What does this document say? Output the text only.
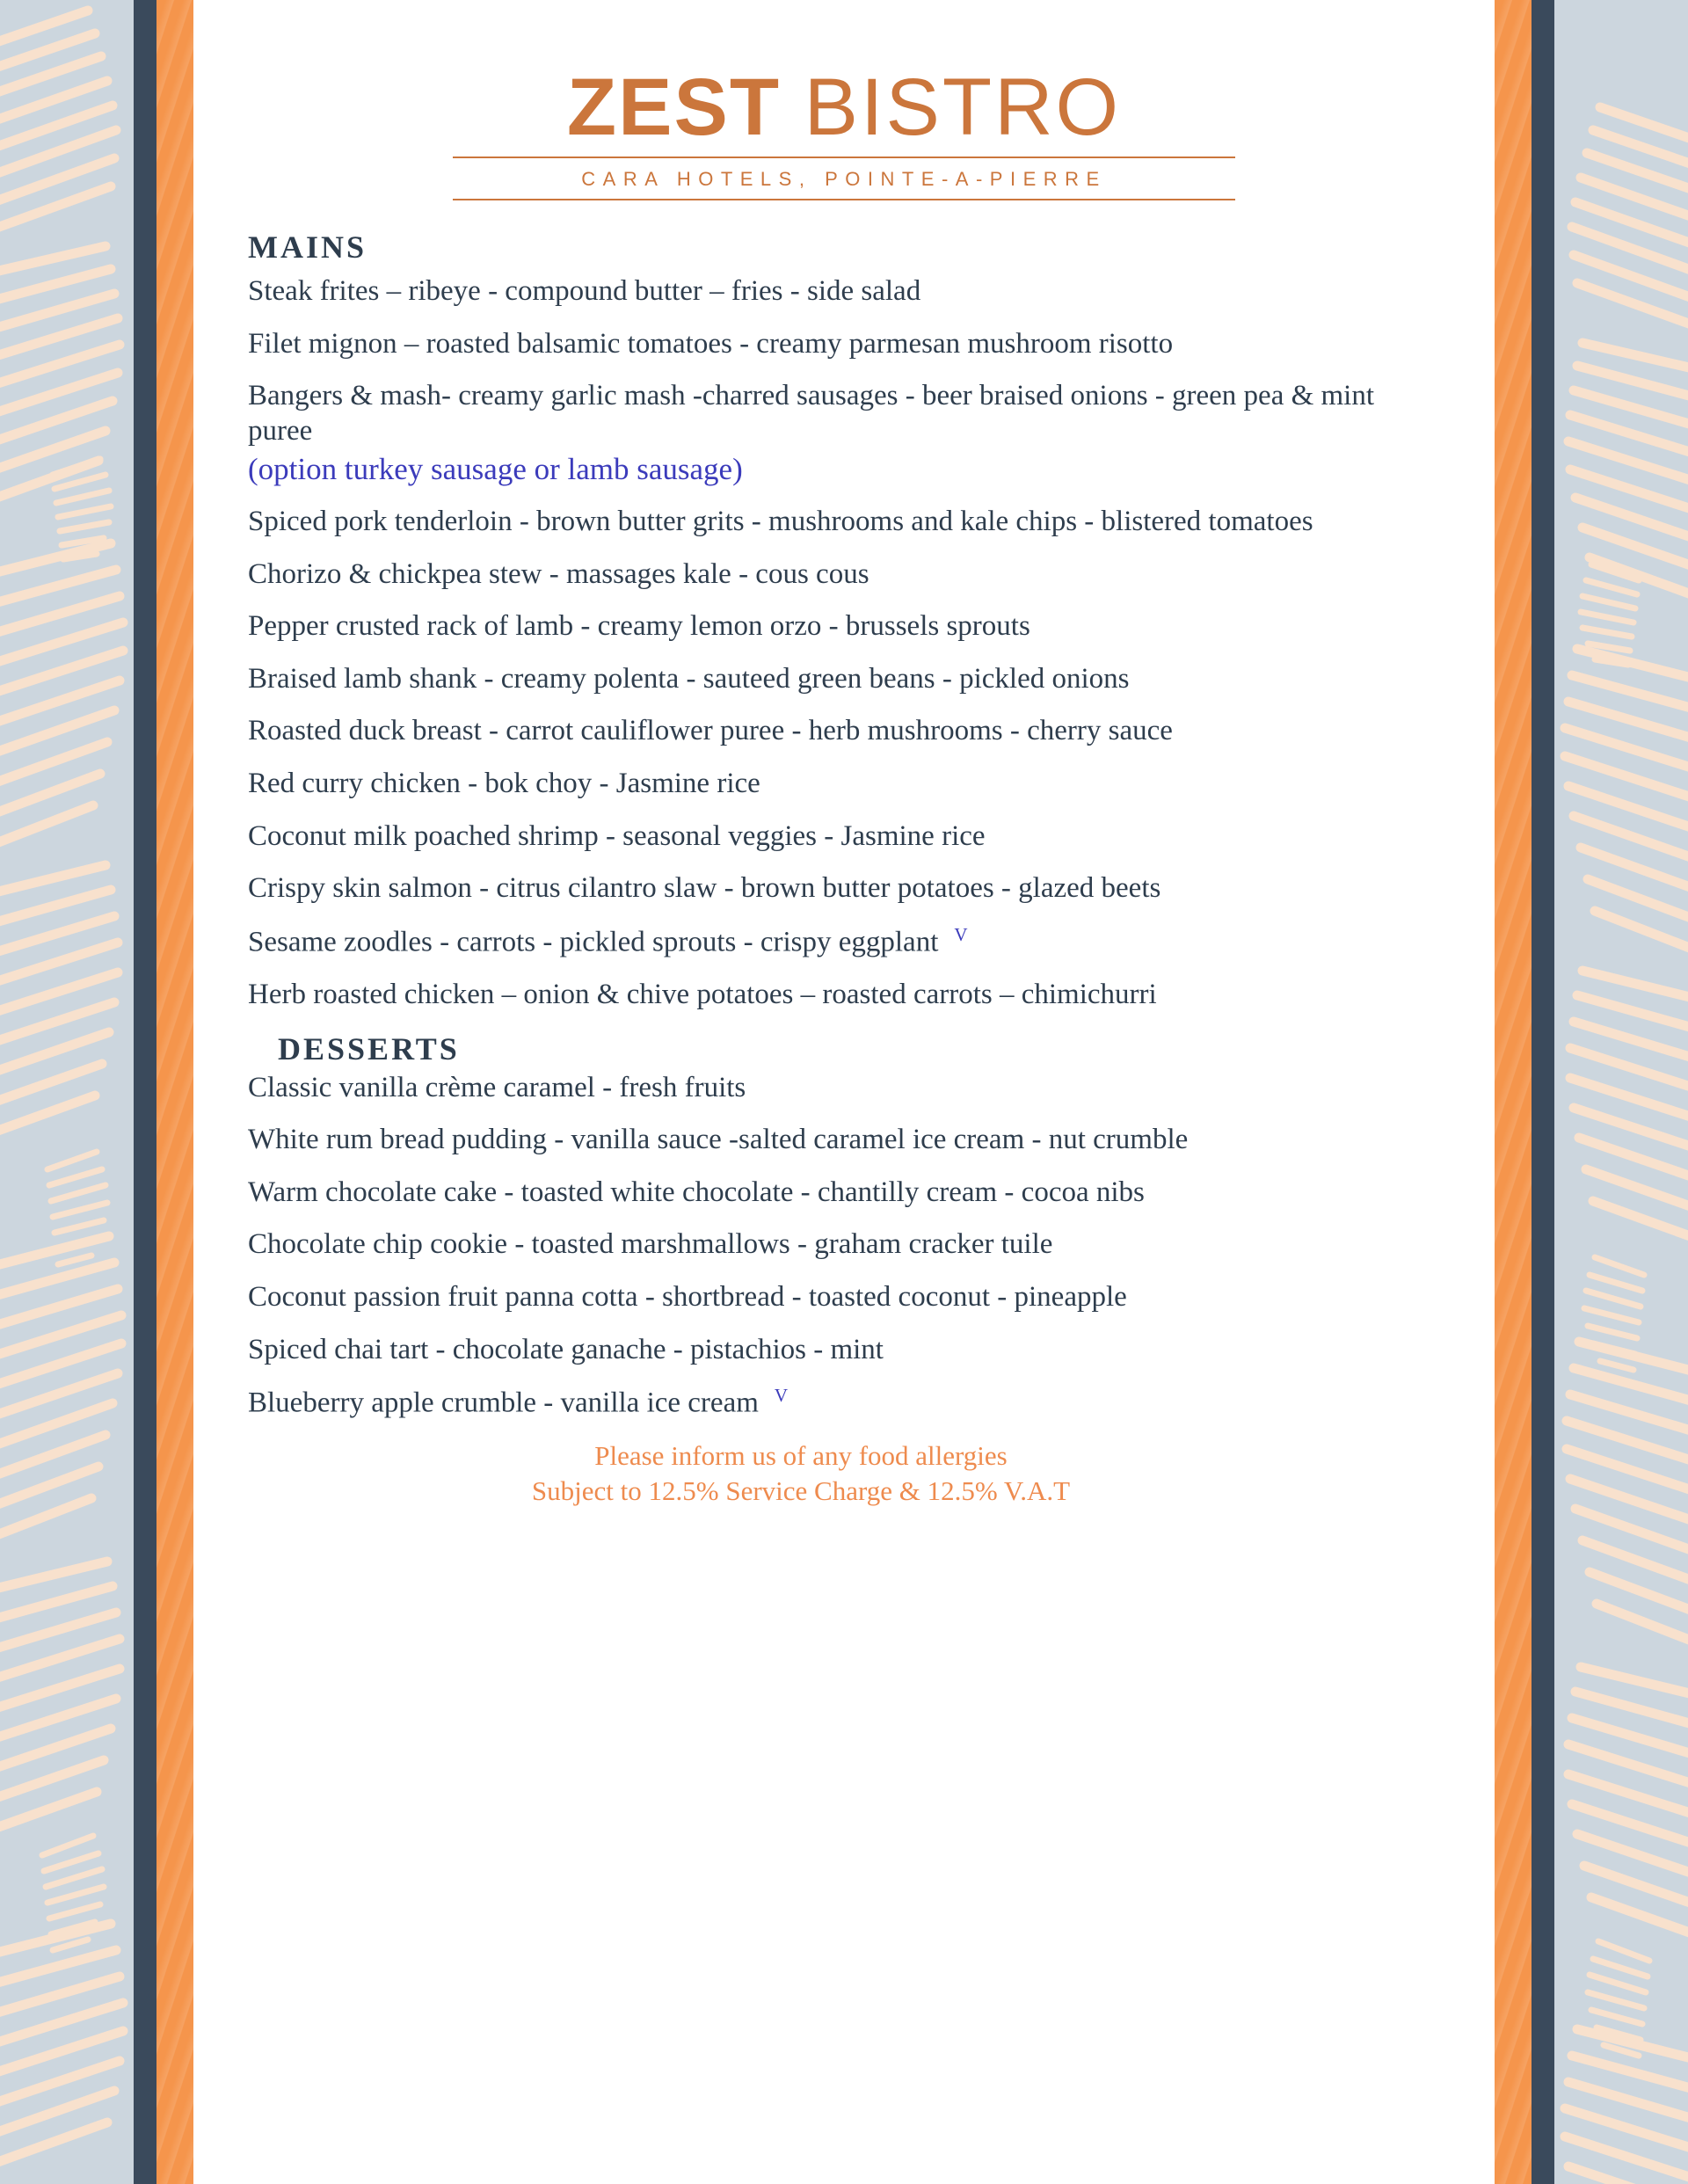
ZEST BISTRO
CARA HOTELS, POINTE-A-PIERRE
MAINS

Steak frites – ribeye - compound butter – fries - side salad

Filet mignon – roasted balsamic tomatoes - creamy parmesan mushroom risotto

Bangers & mash- creamy garlic mash -charred sausages - beer braised onions - green pea & mint puree
(option turkey sausage or lamb sausage)

Spiced pork tenderloin - brown butter grits - mushrooms and kale chips - blistered tomatoes

Chorizo & chickpea stew - massages kale - cous cous

Pepper crusted rack of lamb - creamy lemon orzo - brussels sprouts

Braised lamb shank - creamy polenta - sauteed green beans - pickled onions

Roasted duck breast - carrot cauliflower puree - herb mushrooms - cherry sauce

Red curry chicken - bok choy - Jasmine rice

Coconut milk poached shrimp - seasonal veggies - Jasmine rice

Crispy skin salmon - citrus cilantro slaw - brown butter potatoes - glazed beets

Sesame zoodles - carrots - pickled sprouts - crispy eggplant $^V$

Herb roasted chicken – onion & chive potatoes – roasted carrots – chimichurri

DESSERTS

Classic vanilla crème caramel - fresh fruits

White rum bread pudding - vanilla sauce -salted caramel ice cream - nut crumble

Warm chocolate cake - toasted white chocolate - chantilly cream - cocoa nibs

Chocolate chip cookie - toasted marshmallows - graham cracker tuile

Coconut passion fruit panna cotta - shortbread - toasted coconut - pineapple

Spiced chai tart - chocolate ganache - pistachios - mint

Blueberry apple crumble - vanilla ice cream $^V$

Please inform us of any food allergies
Subject to 12.5% Service Charge & 12.5% V.A.T
